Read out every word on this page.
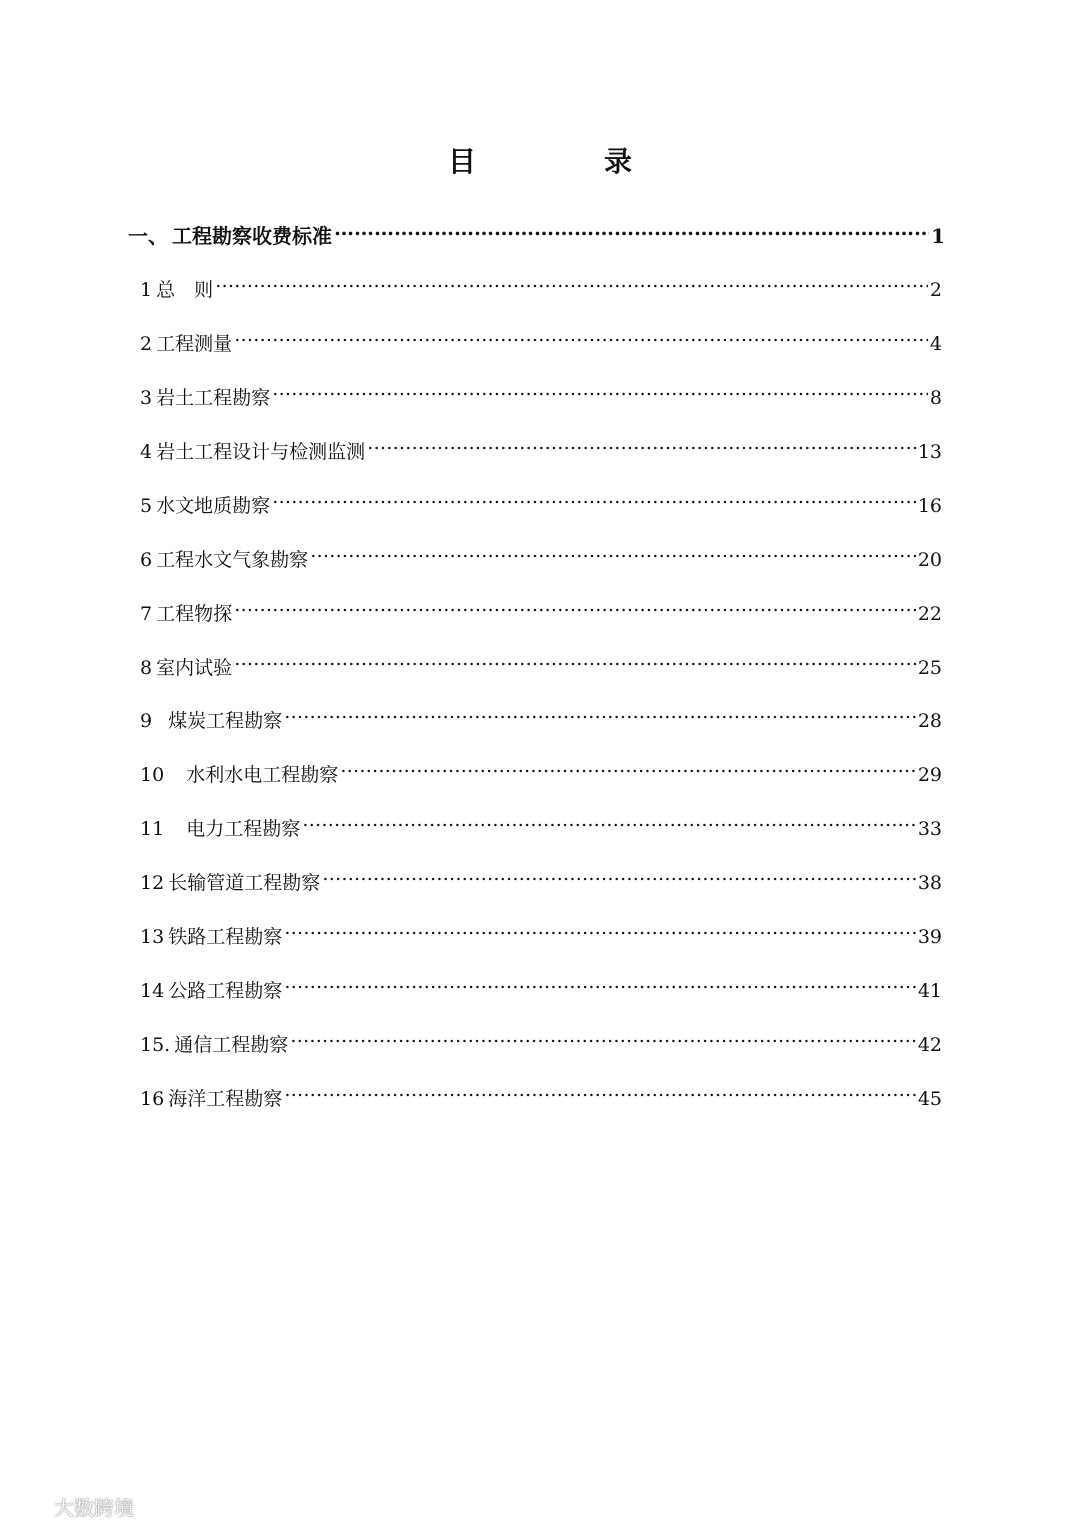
目　录
一、 工程勘察收费标准 ……………………………………………………………………………………………………………………………………………………………………	1
1 总　则 ……………………………………………………………………………………………………………………………………………………………………	2
2 工程测量 ……………………………………………………………………………………………………………………………………………………………………	4
3 岩土工程勘察 ……………………………………………………………………………………………………………………………………………………………………	8
4 岩土工程设计与检测监测 ……………………………………………………………………………………………………………………………………………………………………	13
5 水文地质勘察 ……………………………………………………………………………………………………………………………………………………………………	16
6 工程水文气象勘察 ……………………………………………………………………………………………………………………………………………………………………	20
7 工程物探 ……………………………………………………………………………………………………………………………………………………………………	22
8 室内试验 ……………………………………………………………………………………………………………………………………………………………………	25
9 煤炭工程勘察 ……………………………………………………………………………………………………………………………………………………………………	28
10 水利水电工程勘察 ……………………………………………………………………………………………………………………………………………………………………	29
11 电力工程勘察 ……………………………………………………………………………………………………………………………………………………………………	33
12 长输管道工程勘察 ……………………………………………………………………………………………………………………………………………………………………	38
13 铁路工程勘察 ……………………………………………………………………………………………………………………………………………………………………	39
14 公路工程勘察 ……………………………………………………………………………………………………………………………………………………………………	41
15. 通信工程勘察 ……………………………………………………………………………………………………………………………………………………………………	42
16 海洋工程勘察 ……………………………………………………………………………………………………………………………………………………………………	45
大数跨境
